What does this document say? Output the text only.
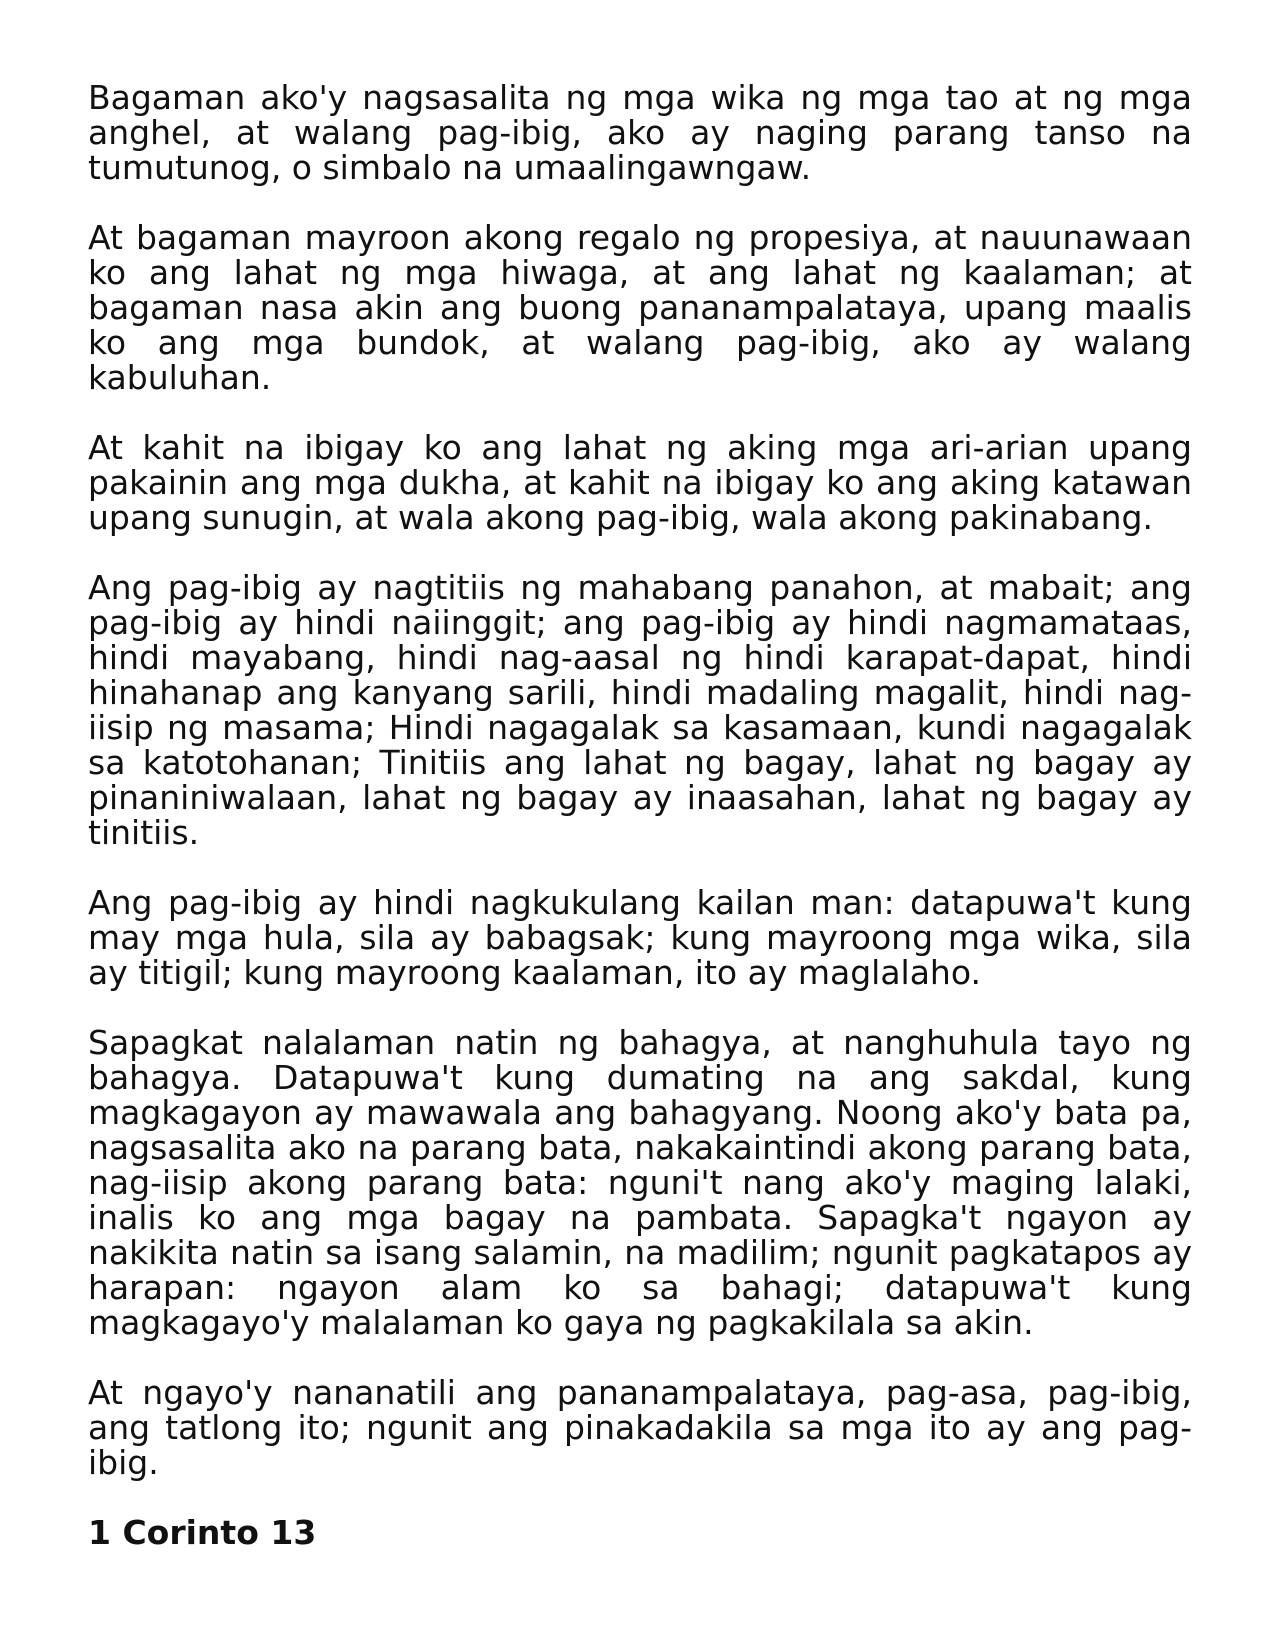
Bagaman ako'y nagsasalita ng mga wika ng mga tao at ng mga anghel, at walang pag-ibig, ako ay naging parang tanso na tumutunog, o simbalo na umaalingawngaw.

At bagaman mayroon akong regalo ng propesiya, at nauunawaan ko ang lahat ng mga hiwaga, at ang lahat ng kaalaman; at bagaman nasa akin ang buong pananampalataya, upang maalis ko ang mga bundok, at walang pag-ibig, ako ay walang kabuluhan.

At kahit na ibigay ko ang lahat ng aking mga ari-arian upang pakainin ang mga dukha, at kahit na ibigay ko ang aking katawan upang sunugin, at wala akong pag-ibig, wala akong pakinabang.

Ang pag-ibig ay nagtitiis ng mahabang panahon, at mabait; ang pag-ibig ay hindi naiinggit; ang pag-ibig ay hindi nagmamataas, hindi mayabang, hindi nag-aasal ng hindi karapat-dapat, hindi hinahanap ang kanyang sarili, hindi madaling magalit, hindi nag-iisip ng masama; Hindi nagagalak sa kasamaan, kundi nagagalak sa katotohanan; Tinitiis ang lahat ng bagay, lahat ng bagay ay pinaniniwalaan, lahat ng bagay ay inaasahan, lahat ng bagay ay tinitiis.

Ang pag-ibig ay hindi nagkukulang kailan man: datapuwa't kung may mga hula, sila ay babagsak; kung mayroong mga wika, sila ay titigil; kung mayroong kaalaman, ito ay maglalaho.

Sapagkat nalalaman natin ng bahagya, at nanghuhula tayo ng bahagya. Datapuwa't kung dumating na ang sakdal, kung magkagayon ay mawawala ang bahagyang. Noong ako'y bata pa, nagsasalita ako na parang bata, nakakaintindi akong parang bata, nag-iisip akong parang bata: nguni't nang ako'y maging lalaki, inalis ko ang mga bagay na pambata. Sapagka't ngayon ay nakikita natin sa isang salamin, na madilim; ngunit pagkatapos ay harapan: ngayon alam ko sa bahagi; datapuwa't kung magkagayo'y malalaman ko gaya ng pagkakilala sa akin.

At ngayo'y nananatili ang pananampalataya, pag-asa, pag-ibig, ang tatlong ito; ngunit ang pinakadakila sa mga ito ay ang pag-ibig.

1 Corinto 13
